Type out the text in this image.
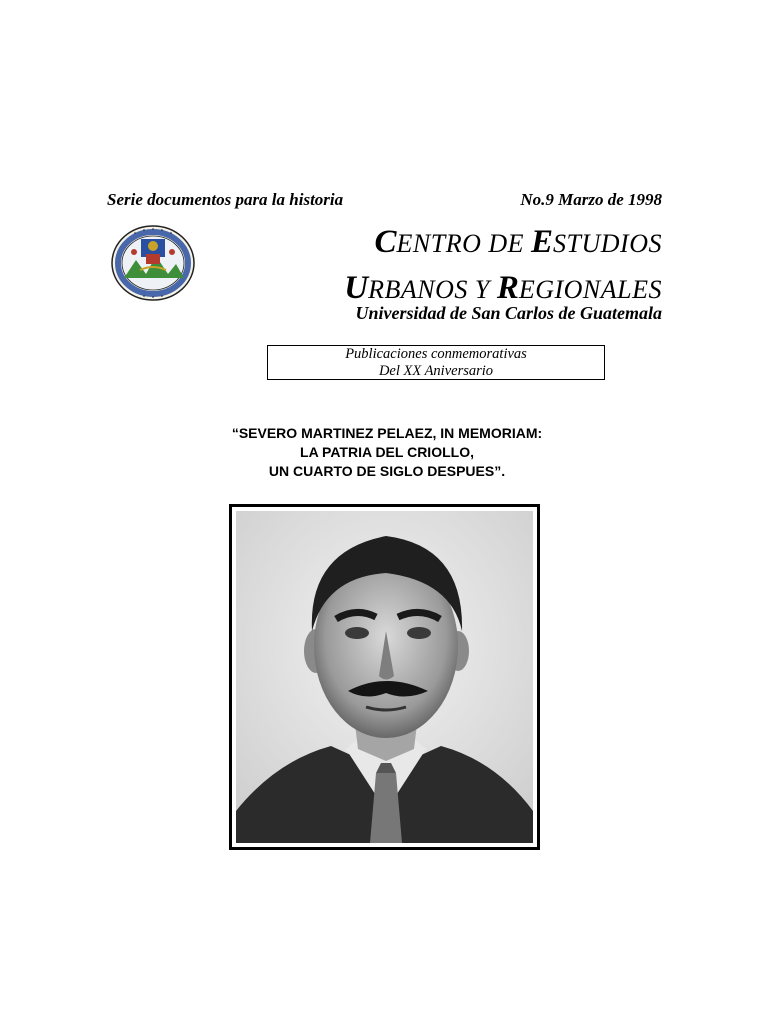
Serie documentos para la historia	No.9 Marzo de 1998
CENTRO DE ESTUDIOS
URBANOS Y REGIONALES
Universidad de San Carlos de Guatemala
Publicaciones conmemorativas
Del XX Aniversario
“SEVERO MARTINEZ PELAEZ, IN MEMORIAM:
LA PATRIA DEL CRIOLLO,
UN CUARTO DE SIGLO DESPUES”.
